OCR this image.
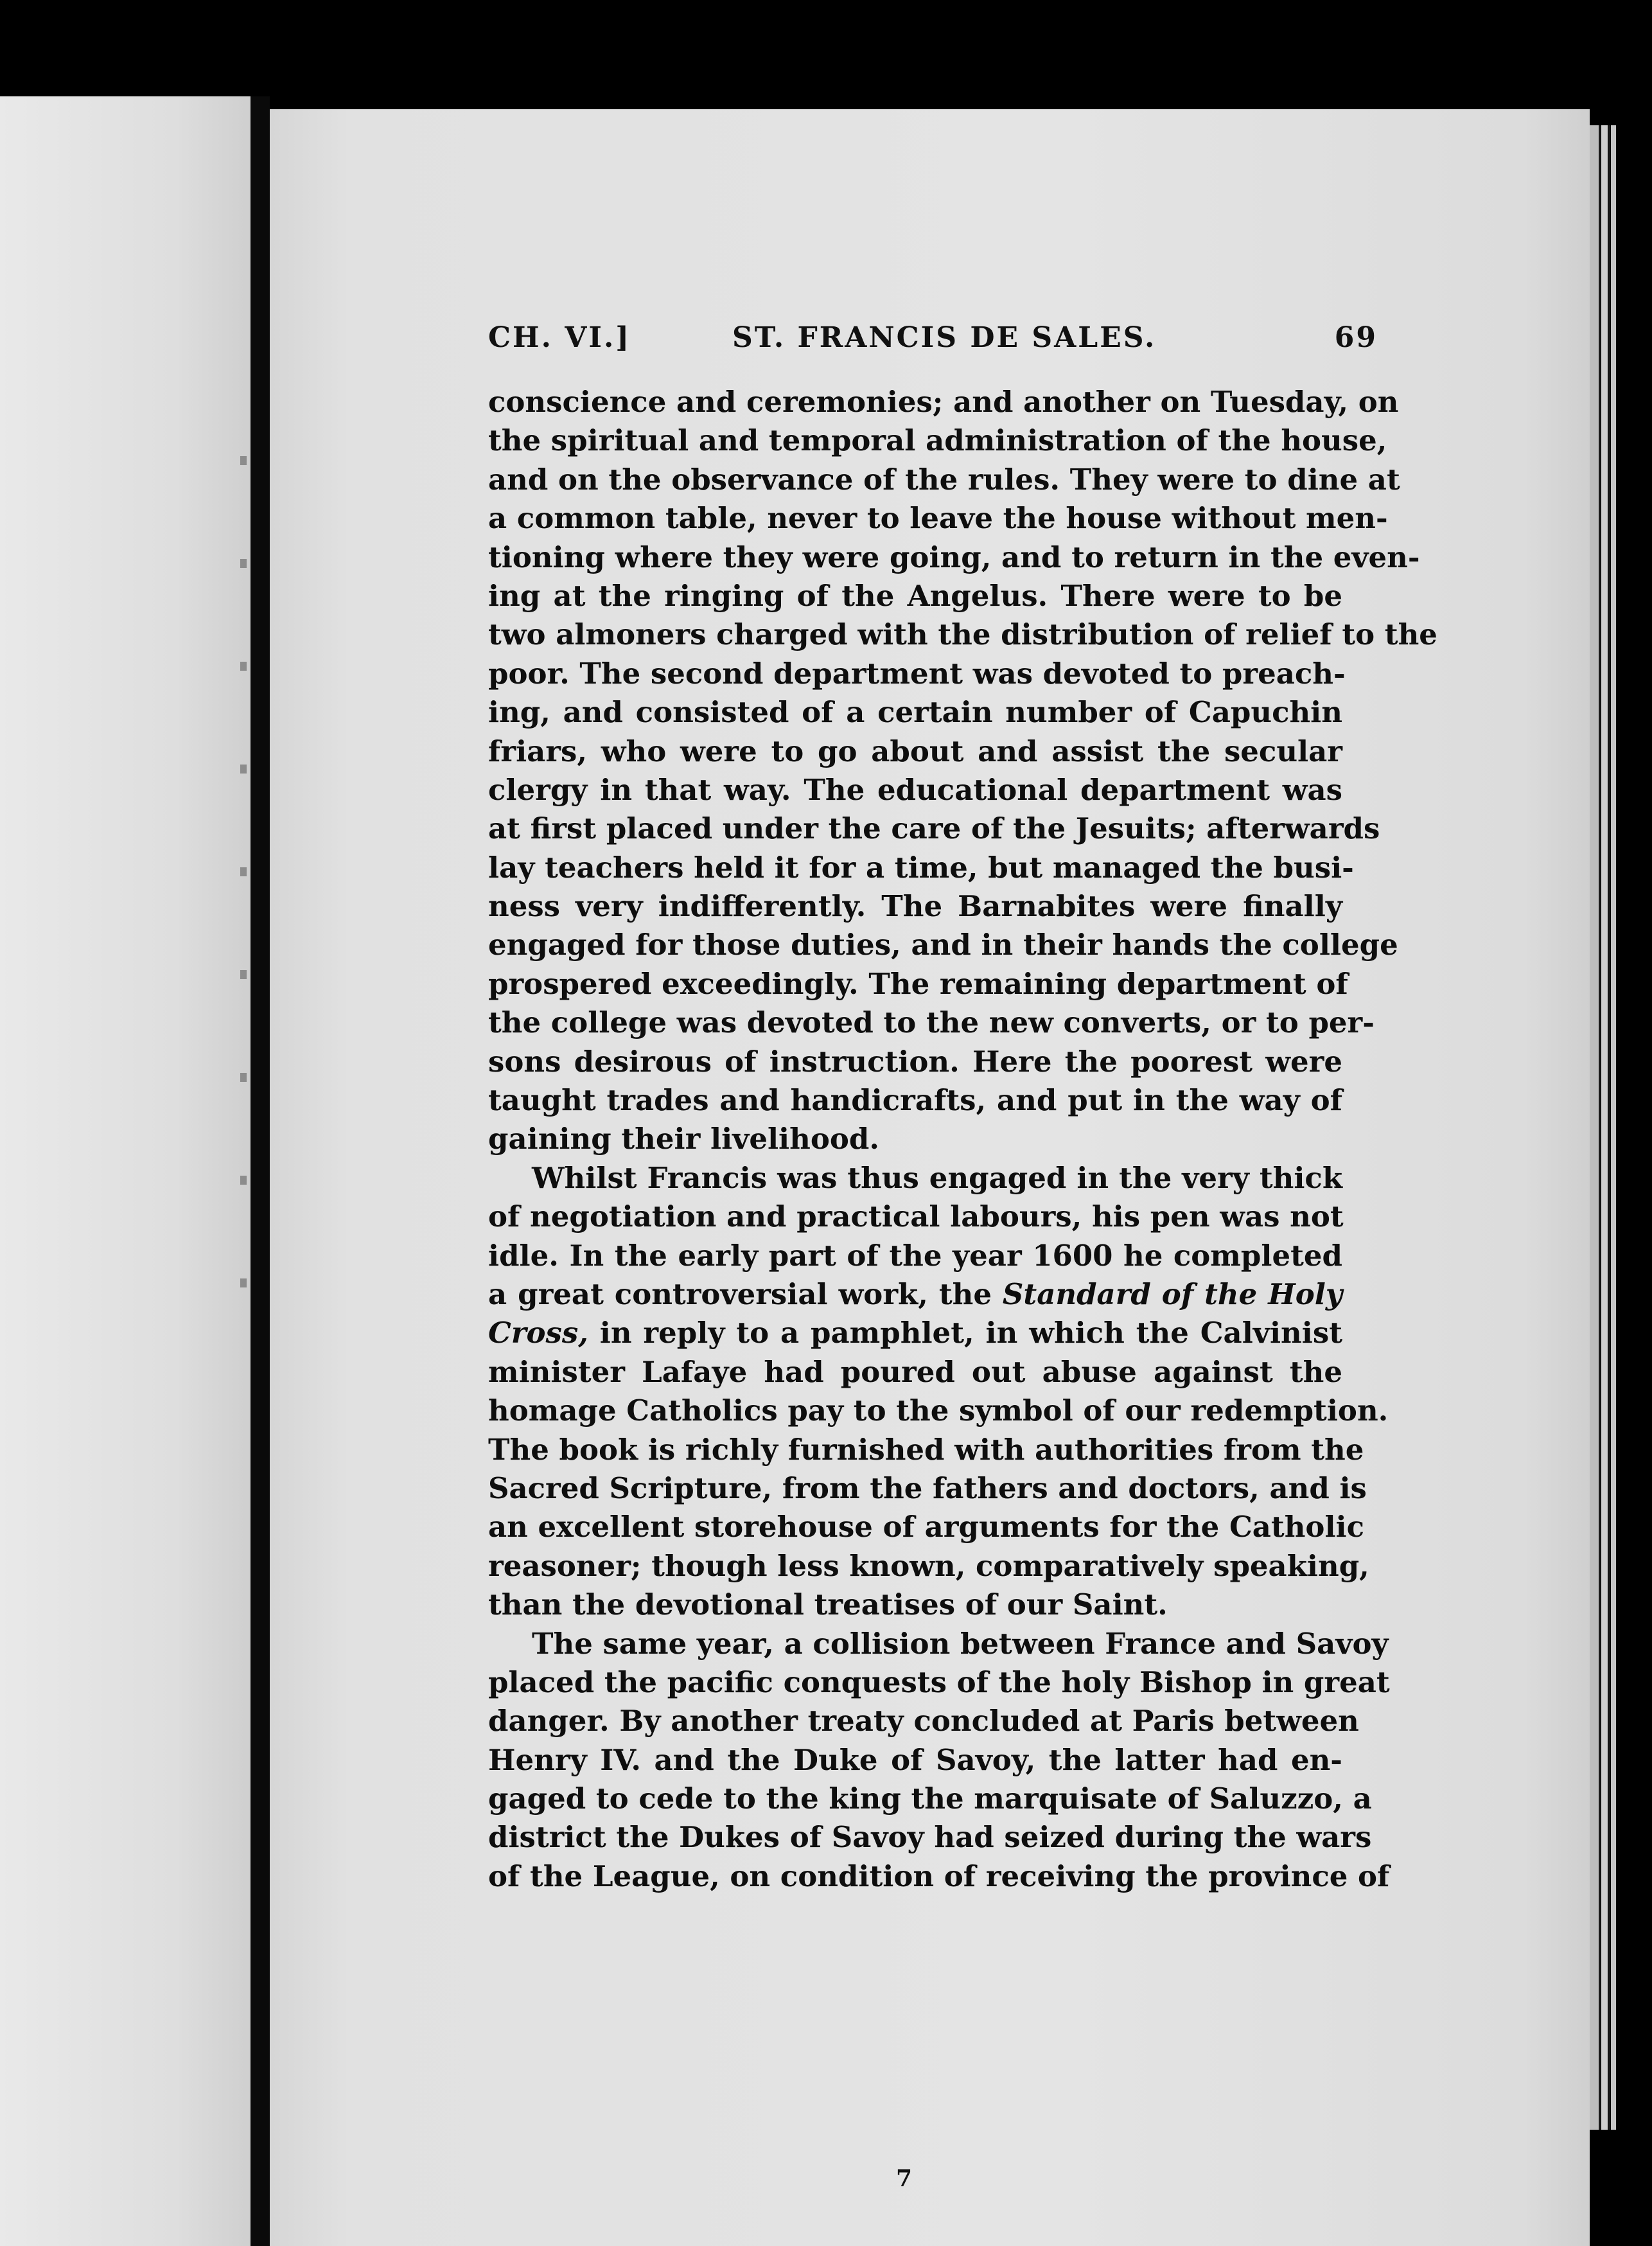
CH. VI.]	ST. FRANCIS DE SALES.	69
conscience and ceremonies; and another on Tuesday, on
the spiritual and temporal administration of the house,
and on the observance of the rules. They were to dine at
a common table, never to leave the house without men-
tioning where they were going, and to return in the even-
ing at the ringing of the Angelus. There were to be
two almoners charged with the distribution of relief to the
poor. The second department was devoted to preach-
ing, and consisted of a certain number of Capuchin
friars, who were to go about and assist the secular
clergy in that way. The educational department was
at first placed under the care of the Jesuits; afterwards
lay teachers held it for a time, but managed the busi-
ness very indifferently. The Barnabites were finally
engaged for those duties, and in their hands the college
prospered exceedingly. The remaining department of
the college was devoted to the new converts, or to per-
sons desirous of instruction. Here the poorest were
taught trades and handicrafts, and put in the way of
gaining their livelihood.
Whilst Francis was thus engaged in the very thick
of negotiation and practical labours, his pen was not
idle. In the early part of the year 1600 he completed
a great controversial work, the Standard of the Holy
Cross, in reply to a pamphlet, in which the Calvinist
minister Lafaye had poured out abuse against the
homage Catholics pay to the symbol of our redemption.
The book is richly furnished with authorities from the
Sacred Scripture, from the fathers and doctors, and is
an excellent storehouse of arguments for the Catholic
reasoner; though less known, comparatively speaking,
than the devotional treatises of our Saint.
The same year, a collision between France and Savoy
placed the pacific conquests of the holy Bishop in great
danger. By another treaty concluded at Paris between
Henry IV. and the Duke of Savoy, the latter had en-
gaged to cede to the king the marquisate of Saluzzo, a
district the Dukes of Savoy had seized during the wars
of the League, on condition of receiving the province of
7
